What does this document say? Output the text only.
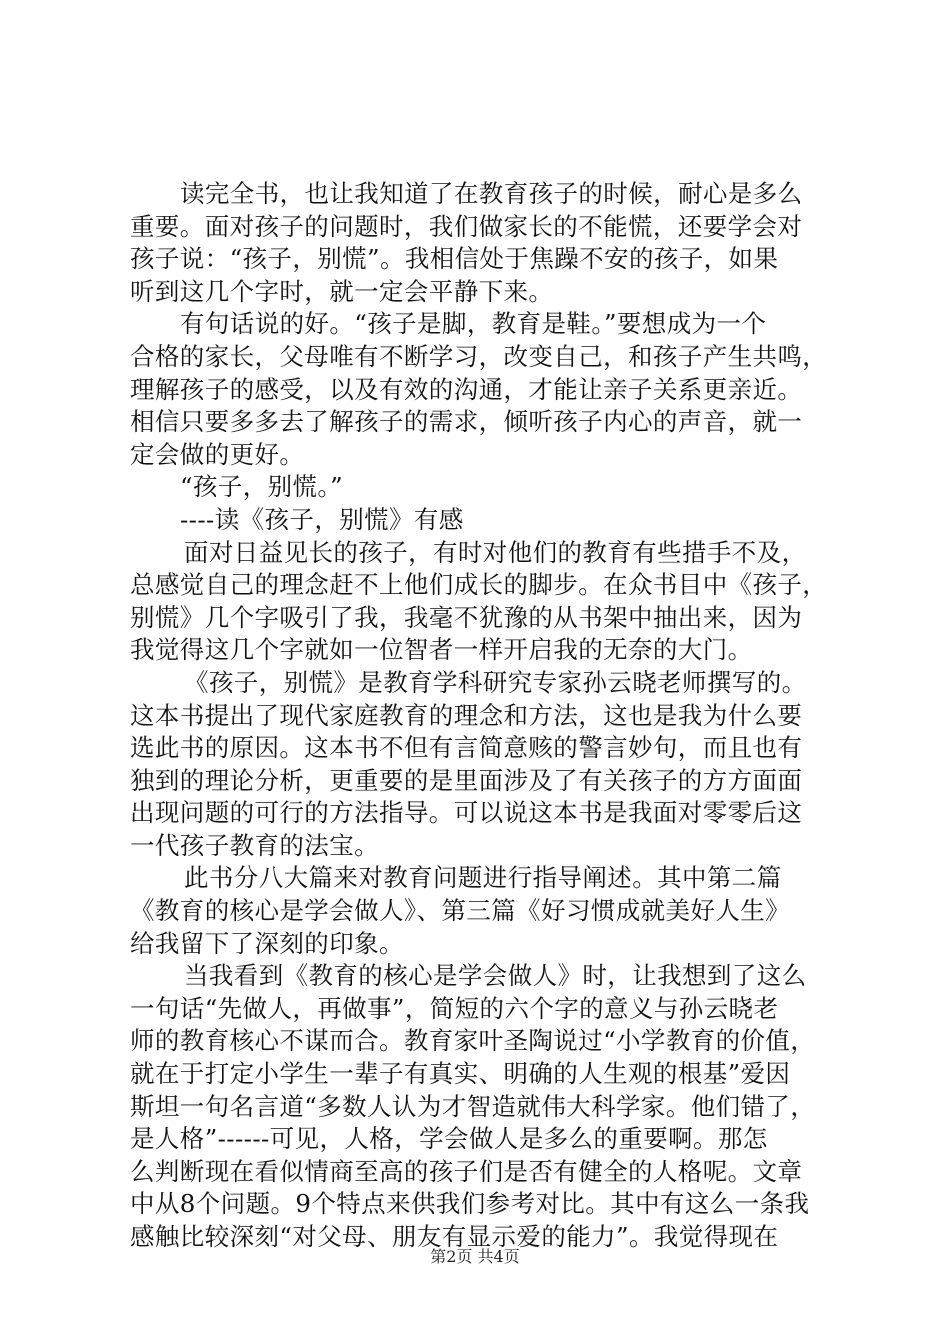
读完全书，也让我知道了在教育孩子的时候，耐心是多么
重要。面对孩子的问题时，我们做家长的不能慌，还要学会对
孩子说：“孩子，别慌”。我相信处于焦躁不安的孩子，如果
听到这几个字时，就一定会平静下来。
有句话说的好。“孩子是脚，教育是鞋。”要想成为一个
合格的家长，父母唯有不断学习，改变自己，和孩子产生共鸣，
理解孩子的感受，以及有效的沟通，才能让亲子关系更亲近。
相信只要多多去了解孩子的需求，倾听孩子内心的声音，就一
定会做的更好。
“孩子，别慌。”
----读《孩子，别慌》有感
面对日益见长的孩子，有时对他们的教育有些措手不及，
总感觉自己的理念赶不上他们成长的脚步。在众书目中《孩子，
别慌》几个字吸引了我，我毫不犹豫的从书架中抽出来，因为
我觉得这几个字就如一位智者一样开启我的无奈的大门。
《孩子，别慌》是教育学科研究专家孙云晓老师撰写的。
这本书提出了现代家庭教育的理念和方法，这也是我为什么要
选此书的原因。这本书不但有言简意赅的警言妙句，而且也有
独到的理论分析，更重要的是里面涉及了有关孩子的方方面面
出现问题的可行的方法指导。可以说这本书是我面对零零后这
一代孩子教育的法宝。
此书分八大篇来对教育问题进行指导阐述。其中第二篇
《教育的核心是学会做人》、第三篇《好习惯成就美好人生》
给我留下了深刻的印象。
当我看到《教育的核心是学会做人》时，让我想到了这么
一句话“先做人，再做事”，简短的六个字的意义与孙云晓老
师的教育核心不谋而合。教育家叶圣陶说过“小学教育的价值，
就在于打定小学生一辈子有真实、明确的人生观的根基”爱因
斯坦一句名言道“多数人认为才智造就伟大科学家。他们错了，
是人格”------可见，人格，学会做人是多么的重要啊。那怎
么判断现在看似情商至高的孩子们是否有健全的人格呢。文章
中从8个问题。9个特点来供我们参考对比。其中有这么一条我
感触比较深刻“对父母、朋友有显示爱的能力”。我觉得现在
第2页 共4页
